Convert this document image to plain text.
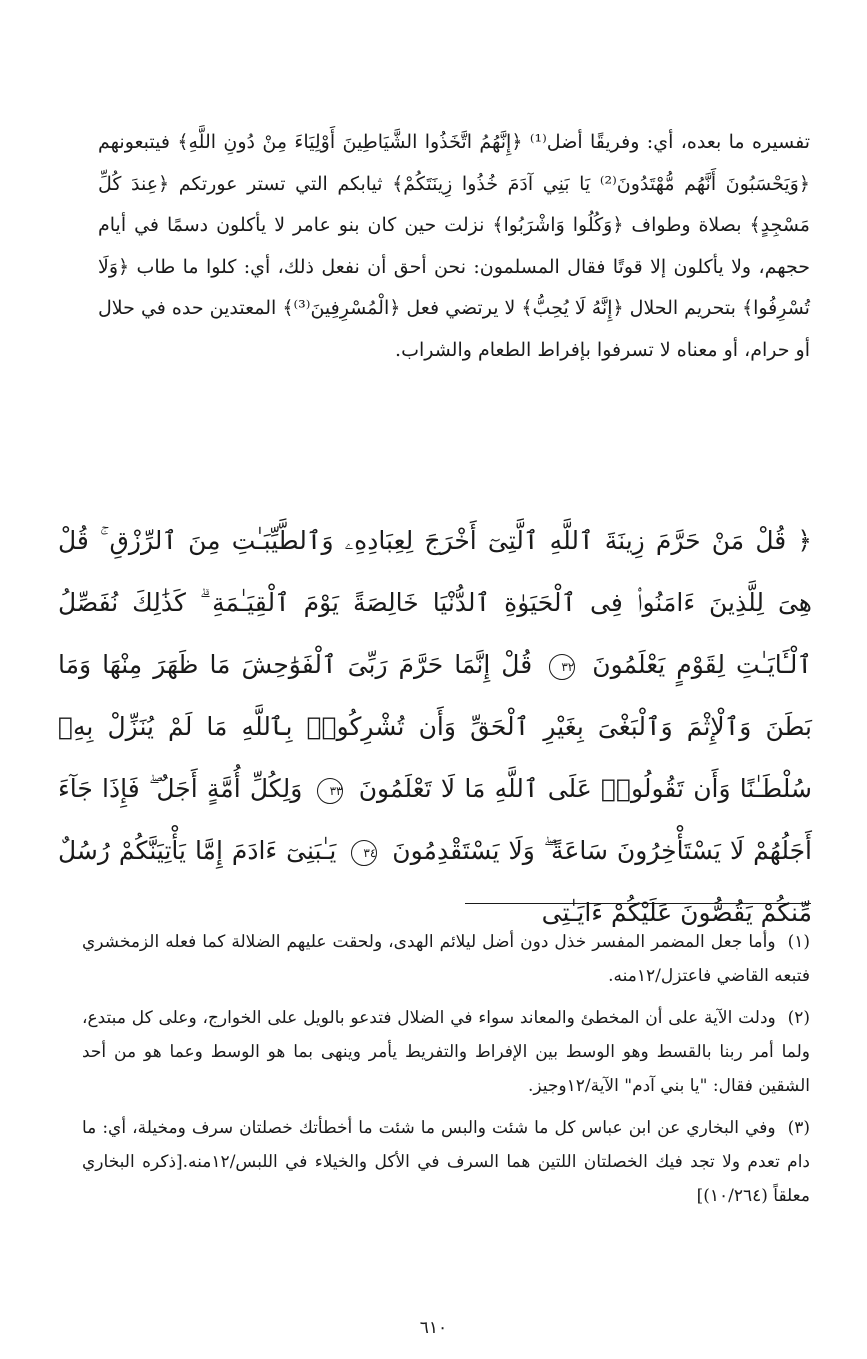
تفسيره ما بعده، أي: وفريقًا أضل⁽¹⁾ ﴿إِنَّهُمُ اتَّخَذُوا الشَّيَاطِينَ أَوْلِيَاءَ مِنْ دُونِ اللَّهِ﴾ فيتبعونهم ﴿وَيَحْسَبُونَ أَنَّهُم مُّهْتَدُونَ⁽²⁾ يَا بَنِي آدَمَ خُذُوا زِينَتَكُمْ﴾ ثيابكم التي تستر عورتكم ﴿عِندَ كُلِّ مَسْجِدٍ﴾ بصلاة وطواف ﴿وَكُلُوا وَاشْرَبُوا﴾ نزلت حين كان بنو عامر لا يأكلون دسمًا في أيام حجهم، ولا يأكلون إلا قوتًا فقال المسلمون: نحن أحق أن نفعل ذلك، أي: كلوا ما طاب ﴿وَلَا تُسْرِفُوا﴾ بتحريم الحلال ﴿إِنَّهُ لَا يُحِبُّ﴾ لا يرتضي فعل ﴿الْمُسْرِفِينَ⁽³⁾﴾ المعتدين حده في حلال أو حرام، أو معناه لا تسرفوا بإفراط الطعام والشراب.
﴿ قُلْ مَنْ حَرَّمَ زِينَةَ ٱللَّهِ ٱلَّتِىٓ أَخْرَجَ لِعِبَادِهِۦ وَٱلطَّيِّبَـٰتِ مِنَ ٱلرِّزْقِ ۚ قُلْ هِىَ لِلَّذِينَ ءَامَنُوا۟ فِى ٱلْحَيَوٰةِ ٱلدُّنْيَا خَالِصَةً يَوْمَ ٱلْقِيَـٰمَةِ ۗ كَذَٰلِكَ نُفَصِّلُ ٱلْـَٔايَـٰتِ لِقَوْمٍ يَعْلَمُونَ ٣٢ قُلْ إِنَّمَا حَرَّمَ رَبِّىَ ٱلْفَوَٰحِشَ مَا ظَهَرَ مِنْهَا وَمَا بَطَنَ وَٱلْإِثْمَ وَٱلْبَغْىَ بِغَيْرِ ٱلْحَقِّ وَأَن تُشْرِكُوا۟ بِٱللَّهِ مَا لَمْ يُنَزِّلْ بِهِۦ سُلْطَـٰنًا وَأَن تَقُولُوا۟ عَلَى ٱللَّهِ مَا لَا تَعْلَمُونَ ٣٣ وَلِكُلِّ أُمَّةٍ أَجَلٌ ۖ فَإِذَا جَآءَ أَجَلُهُمْ لَا يَسْتَأْخِرُونَ سَاعَةً ۖ وَلَا يَسْتَقْدِمُونَ ٣٤ يَـٰبَنِىٓ ءَادَمَ إِمَّا يَأْتِيَنَّكُمْ رُسُلٌ مِّنكُمْ يَقُصُّونَ عَلَيْكُمْ ءَايَـٰتِى
(١) وأما جعل المضمر المفسر خذل دون أضل ليلائم الهدى، ولحقت عليهم الضلالة كما فعله الزمخشري فتبعه القاضي فاعتزل/١٢منه.
(٢) ودلت الآية على أن المخطئ والمعاند سواء في الضلال فتدعو بالويل على الخوارج، وعلى كل مبتدع، ولما أمر ربنا بالقسط وهو الوسط بين الإفراط والتفريط يأمر وينهى بما هو الوسط وعما هو من أحد الشقين فقال: "يا بني آدم" الآية/١٢وجيز.
(٣) وفي البخاري عن ابن عباس كل ما شئت والبس ما شئت ما أخطأتك خصلتان سرف ومخيلة، أي: ما دام تعدم ولا تجد فيك الخصلتان اللتين هما السرف في الأكل والخيلاء في اللبس/١٢منه.[ذكره البخاري معلقاً (١٠/٢٦٤)]
٦١٠
